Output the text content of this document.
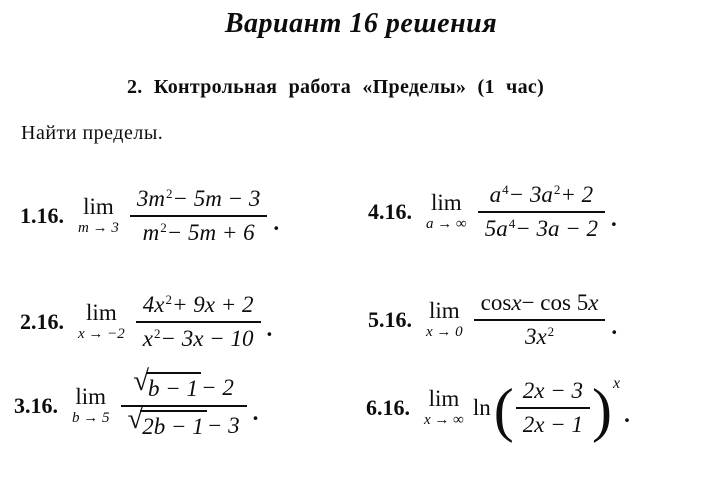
Вариант 16 решения
2. Контрольная работа «Пределы» (1 час)
Найти пределы.
1.16. lim
$m \to 3 \frac{3m^2 - 5m - 3}{m^2 - 5m + 6}$ .	4.16. lim
a → ∞ $\frac{a^4 - 3a^2 + 2}{5a^4 - 3a - 2}$ .
2.16. lim
$x \to -2 \frac{4x^2 + 9x + 2}{x^2 - 3x - 10}$ .	5.16. lim
$x \to 0 \frac{\text{cos x − cos 5 x}}{3x^2}$ .
3.16. lim
$b \to 5 \frac{√ b - 1 - 2}{√ 2b - 1 - 3}$ .	6.16. lim
x → ∞
ln ( $\frac{2x - 3}{2x - 1} )^x$
.
